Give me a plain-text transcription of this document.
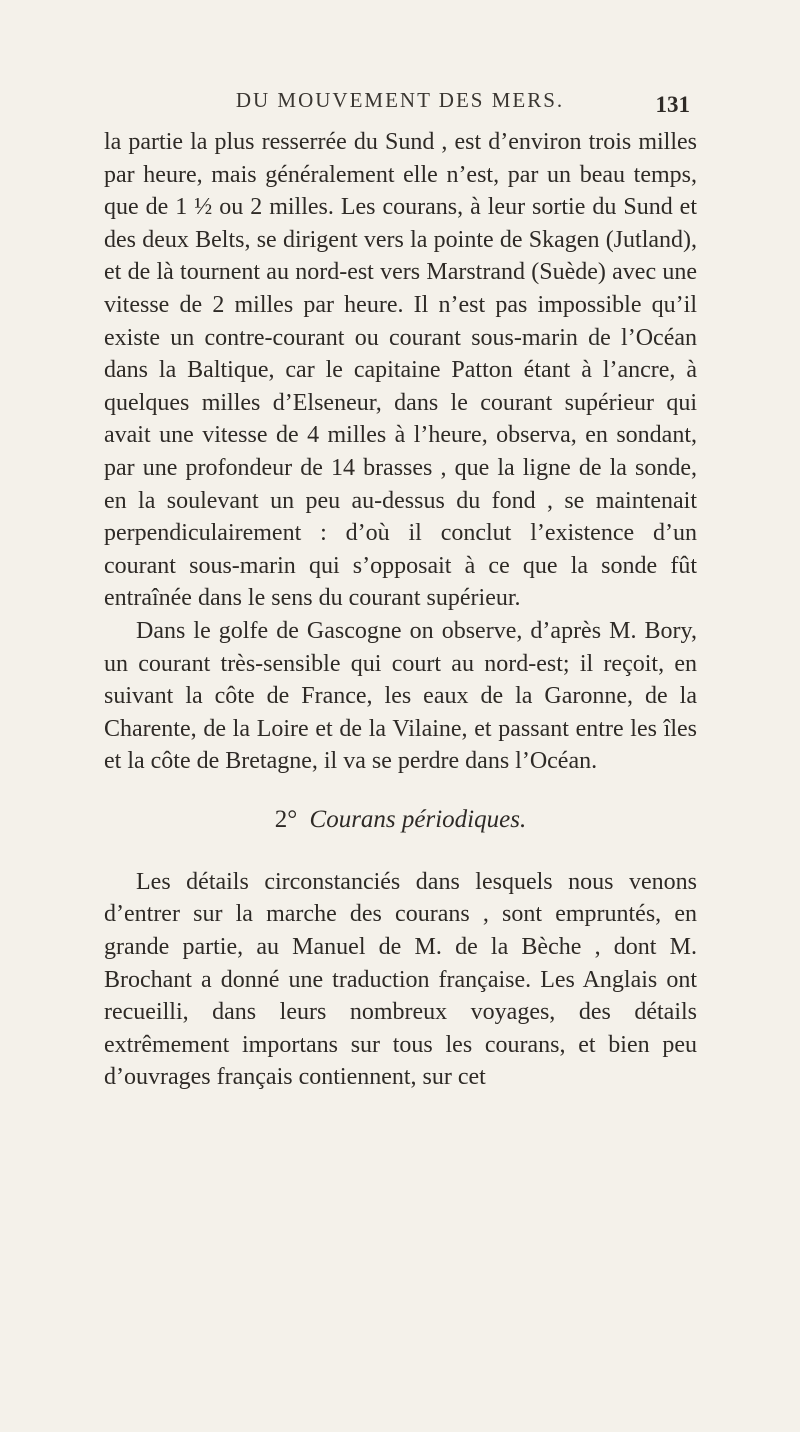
DU MOUVEMENT DES MERS.	131

la partie la plus resserrée du Sund , est d’environ trois milles par heure, mais généralement elle n’est, par un beau temps, que de 1 ½ ou 2 milles. Les courans, à leur sortie du Sund et des deux Belts, se dirigent vers la pointe de Skagen (Jutland), et de là tournent au nord-est vers Marstrand (Suède) avec une vitesse de 2 milles par heure. Il n’est pas impossible qu’il existe un contre-courant ou courant sous-marin de l’Océan dans la Baltique, car le capitaine Patton étant à l’ancre, à quelques milles d’Elseneur, dans le courant supérieur qui avait une vitesse de 4 milles à l’heure, observa, en sondant, par une profondeur de 14 brasses , que la ligne de la sonde, en la soulevant un peu au-dessus du fond , se maintenait perpendiculairement : d’où il conclut l’existence d’un courant sous-marin qui s’opposait à ce que la sonde fût entraînée dans le sens du courant supérieur.

Dans le golfe de Gascogne on observe, d’après M. Bory, un courant très-sensible qui court au nord-est; il reçoit, en suivant la côte de France, les eaux de la Garonne, de la Charente, de la Loire et de la Vilaine, et passant entre les îles et la côte de Bretagne, il va se perdre dans l’Océan.

2° Courans périodiques.

Les détails circonstanciés dans lesquels nous venons d’entrer sur la marche des courans , sont empruntés, en grande partie, au Manuel de M. de la Bèche , dont M. Brochant a donné une traduction française. Les Anglais ont recueilli, dans leurs nombreux voyages, des détails extrêmement importans sur tous les courans, et bien peu d’ouvrages français contiennent, sur cet
